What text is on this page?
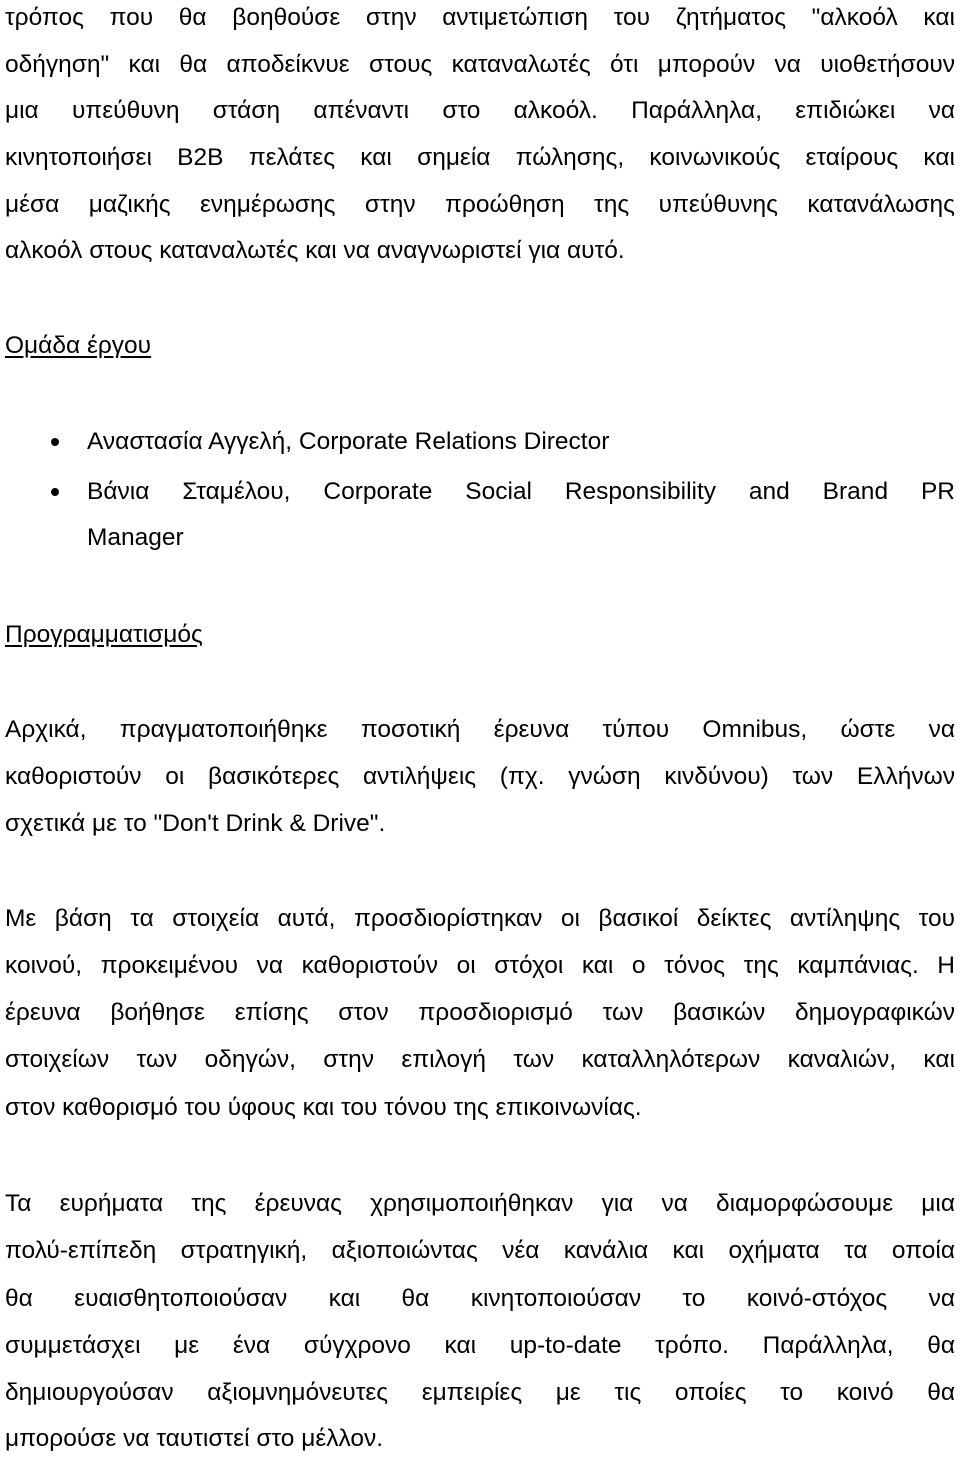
τρόπος που θα βοηθούσε στην αντιμετώπιση του ζητήματος "αλκοόλ και
οδήγηση" και θα αποδείκνυε στους καταναλωτές ότι μπορούν να υιοθετήσουν
μια υπεύθυνη στάση απέναντι στο αλκοόλ. Παράλληλα, επιδιώκει να
κινητοποιήσει B2B πελάτες και σημεία πώλησης, κοινωνικούς εταίρους και
μέσα μαζικής ενημέρωσης στην προώθηση της υπεύθυνης κατανάλωσης
αλκοόλ στους καταναλωτές και να αναγνωριστεί για αυτό.
Ομάδα έργου
Αναστασία Αγγελή, Corporate Relations Director
Βάνια Σταμέλου, Corporate Social Responsibility and Brand PR
Manager
Προγραμματισμός
Αρχικά, πραγματοποιήθηκε ποσοτική έρευνα τύπου Omnibus, ώστε να
καθοριστούν οι βασικότερες αντιλήψεις (πχ. γνώση κινδύνου) των Ελλήνων
σχετικά με το "Don't Drink & Drive".
Με βάση τα στοιχεία αυτά, προσδιορίστηκαν οι βασικοί δείκτες αντίληψης του
κοινού, προκειμένου να καθοριστούν οι στόχοι και ο τόνος της καμπάνιας. Η
έρευνα βοήθησε επίσης στον προσδιορισμό των βασικών δημογραφικών
στοιχείων των οδηγών, στην επιλογή των καταλληλότερων καναλιών, και
στον καθορισμό του ύφους και του τόνου της επικοινωνίας.
Τα ευρήματα της έρευνας χρησιμοποιήθηκαν για να διαμορφώσουμε μια
πολύ-επίπεδη στρατηγική, αξιοποιώντας νέα κανάλια και οχήματα τα οποία
θα ευαισθητοποιούσαν και θα κινητοποιούσαν το κοινό-στόχος να
συμμετάσχει με ένα σύγχρονο και up-to-date τρόπο. Παράλληλα, θα
δημιουργούσαν αξιομνημόνευτες εμπειρίες με τις οποίες το κοινό θα
μπορούσε να ταυτιστεί στο μέλλον.
